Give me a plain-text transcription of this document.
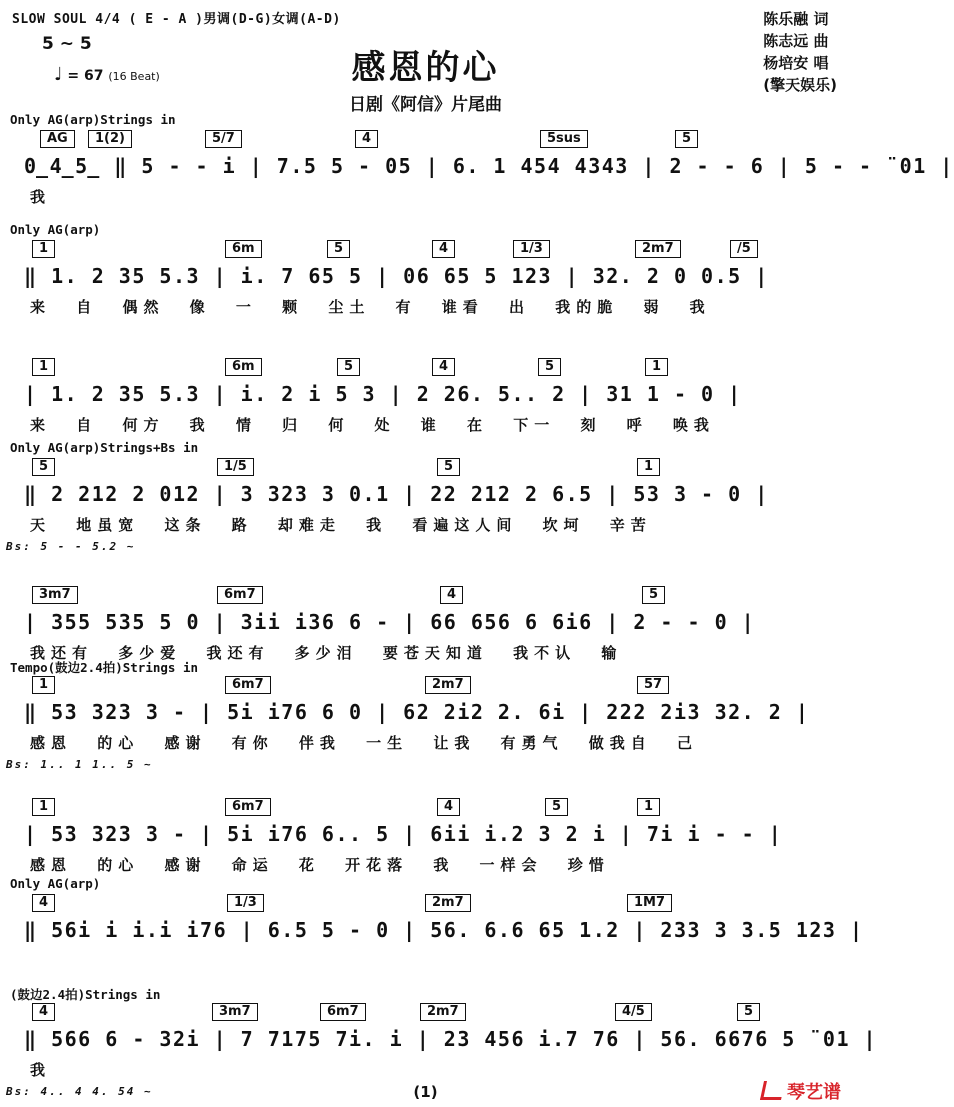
SLOW SOUL 4/4 ( E - A )男调(D-G)女调(A-D)
5 ~ 5
♩ = 67 (16 Beat)	感恩的心
日剧《阿信》片尾曲
陈乐融 词
陈志远 曲
杨培安 唱
(擎天娱乐)
Only AG(arp)Strings in
AG	1(2)	5/7	4	5sus	5
0̲4̲5̲ ‖ 5 - - i | 7.5 5 - 05 | 6. 1 454 4343 | 2 - - 6 | 5 - - ¨01 |
我
Only AG(arp)
1	6m	5	4	1/3	2m7	/5
‖ 1. 2 35 5.3 | i. 7 65 5 | 06 65 5 123 | 32. 2 0 0.5 |
来 自 偶然 像 一 颗 尘土 有 谁看 出 我的脆 弱 我
1	6m	5	4	5	1
| 1. 2 35 5.3 | i. 2 i 5 3 | 2 26. 5.. 2 | 31 1 - 0 |
来 自 何方 我 情 归 何 处 谁 在 下一 刻 呼 唤我
Only AG(arp)Strings+Bs in
5	1/5	5	1
‖ 2 212 2 012 | 3 323 3 0.1 | 22 212 2 6.5 | 53 3 - 0 |
天 地虽宽 这条 路 却难走 我 看遍这人间 坎坷 辛苦
Bs: 5 - - 5.2 ~
3m7	6m7	4	5
| 355 535 5 0 | 3ii i36 6 - | 66 656 6 6i6 | 2 - - 0 |
我还有 多少爱 我还有 多少泪 要苍天知道 我不认 输
Tempo(鼓边2.4拍)Strings in
1	6m7	2m7	57
‖ 53 323 3 - | 5i i76 6 0 | 62 2i2 2. 6i | 222 2i3 32. 2 |
感恩 的心 感谢 有你 伴我 一生 让我 有勇气 做我自 己
Bs: 1.. 1 1.. 5 ~
1	6m7	4	5	1
| 53 323 3 - | 5i i76 6.. 5 | 6ii i.2 3 2 i | 7i i - - |
感恩 的心 感谢 命运 花 开花落 我 一样会 珍惜
Only AG(arp)
4	1/3	2m7	1M7
‖ 56i i i.i i76 | 6.5 5 - 0 | 56. 6.6 65 1.2 | 233 3 3.5 123 |
(鼓边2.4拍)Strings in
4	3m7	6m7	2m7	4/5	5
‖ 566 6 - 32i | 7 7175 7i. i | 23 456 i.7 76 | 56. 6676 5 ¨01 |
我
Bs: 4.. 4 4. 54 ~	(1)	琴艺谱
